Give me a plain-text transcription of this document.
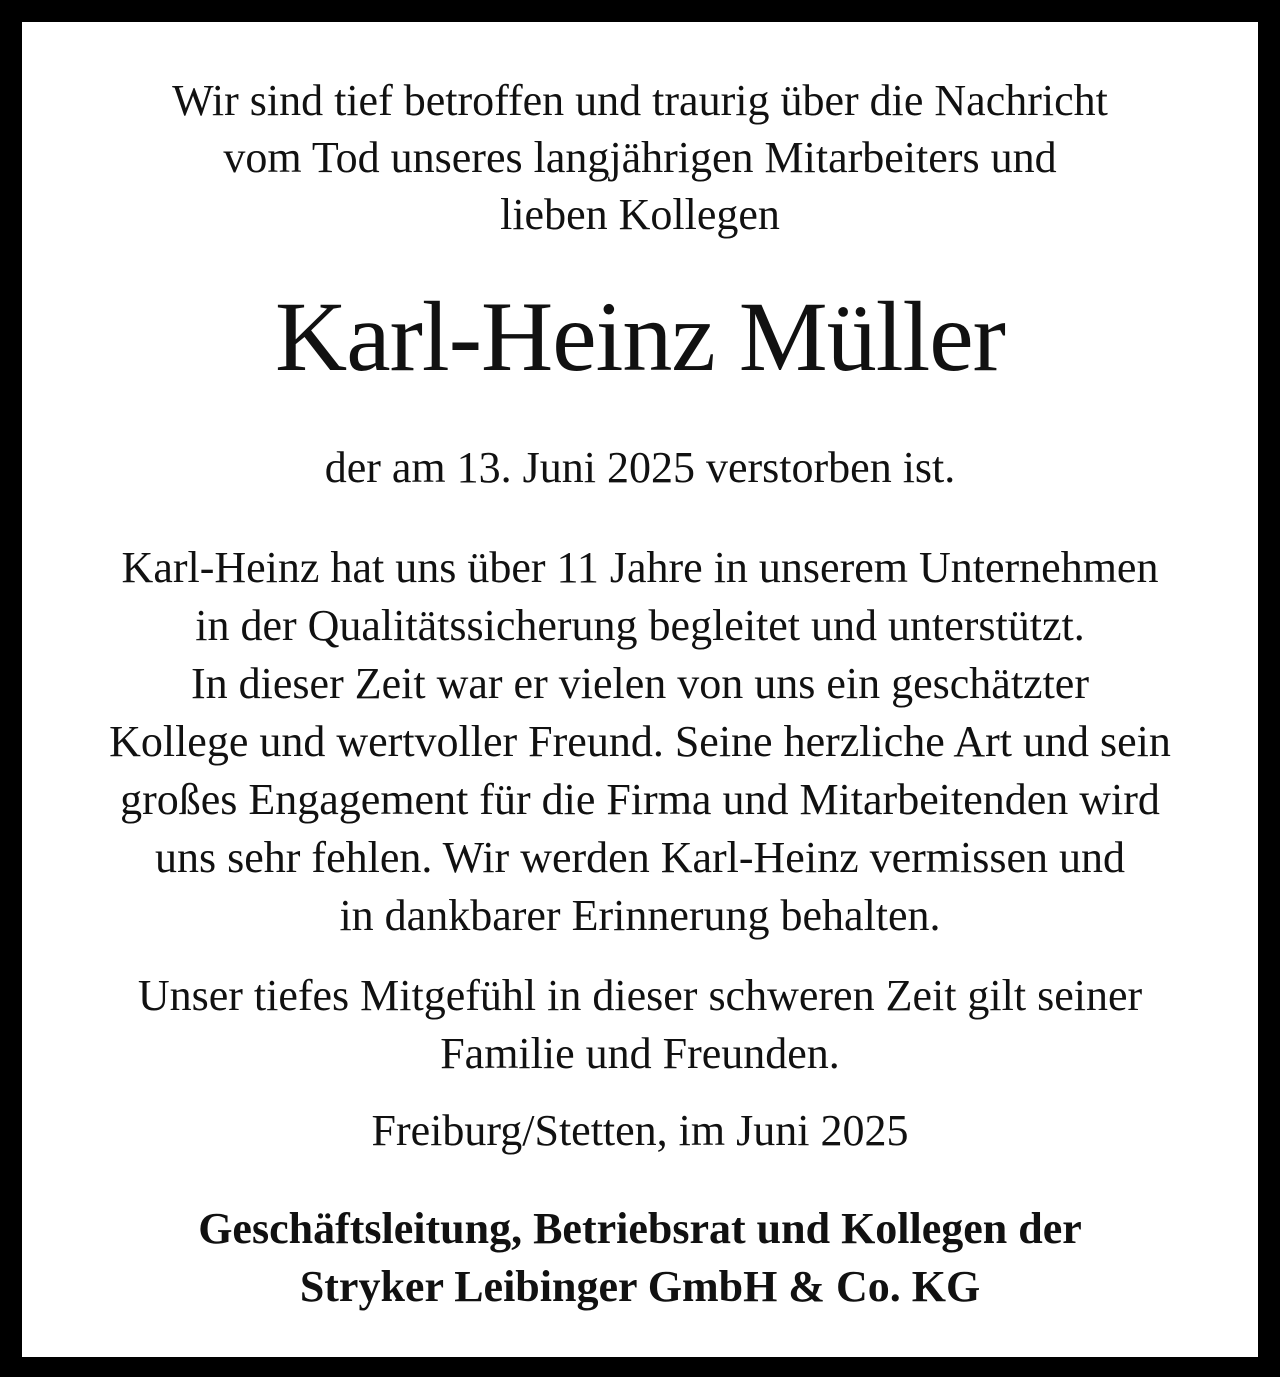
Wir sind tief betroffen und traurig über die Nachricht
vom Tod unseres langjährigen Mitarbeiters und
lieben Kollegen
Karl-Heinz Müller
der am 13. Juni 2025 verstorben ist.
Karl-Heinz hat uns über 11 Jahre in unserem Unternehmen
in der Qualitätssicherung begleitet und unterstützt.
In dieser Zeit war er vielen von uns ein geschätzter
Kollege und wertvoller Freund. Seine herzliche Art und sein
großes Engagement für die Firma und Mitarbeitenden wird
uns sehr fehlen. Wir werden Karl-Heinz vermissen und
in dankbarer Erinnerung behalten.
Unser tiefes Mitgefühl in dieser schweren Zeit gilt seiner
Familie und Freunden.
Freiburg/Stetten, im Juni 2025
Geschäftsleitung, Betriebsrat und Kollegen der
Stryker Leibinger GmbH & Co. KG
